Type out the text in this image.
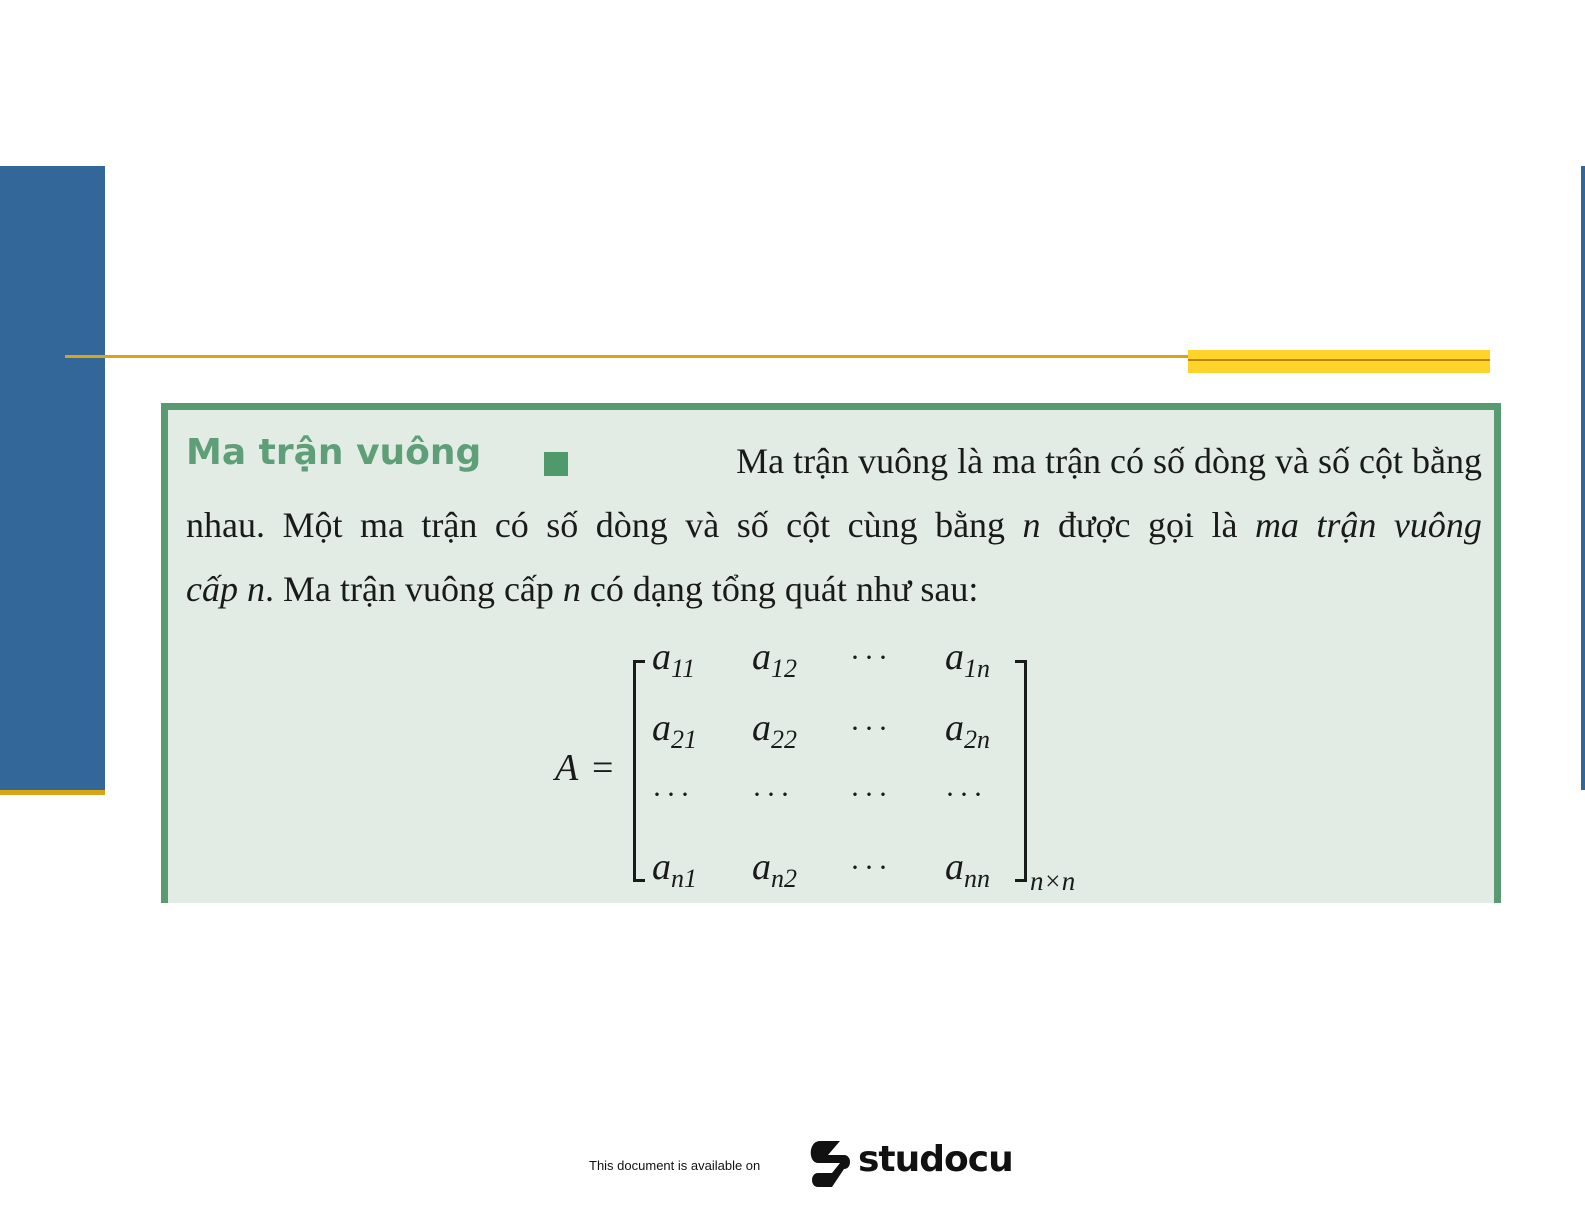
Ma trận vuông	Ma trận vuông là ma trận có số dòng và số cột bằng
nhau. Một ma trận có số dòng và số cột cùng bằng n được gọi là ma trận vuông
cấp n. Ma trận vuông cấp n có dạng tổng quát như sau:
A =
$a_{11}$ $a_{12}$ ··· $a_{1n}$
$a_{21}$ $a_{22}$ ··· $a_{2n}$
··· ··· ··· ···
$a_{n1}$ $a_{n2}$ ··· $a_{nn}$ n×n
This document is available on	studocu
